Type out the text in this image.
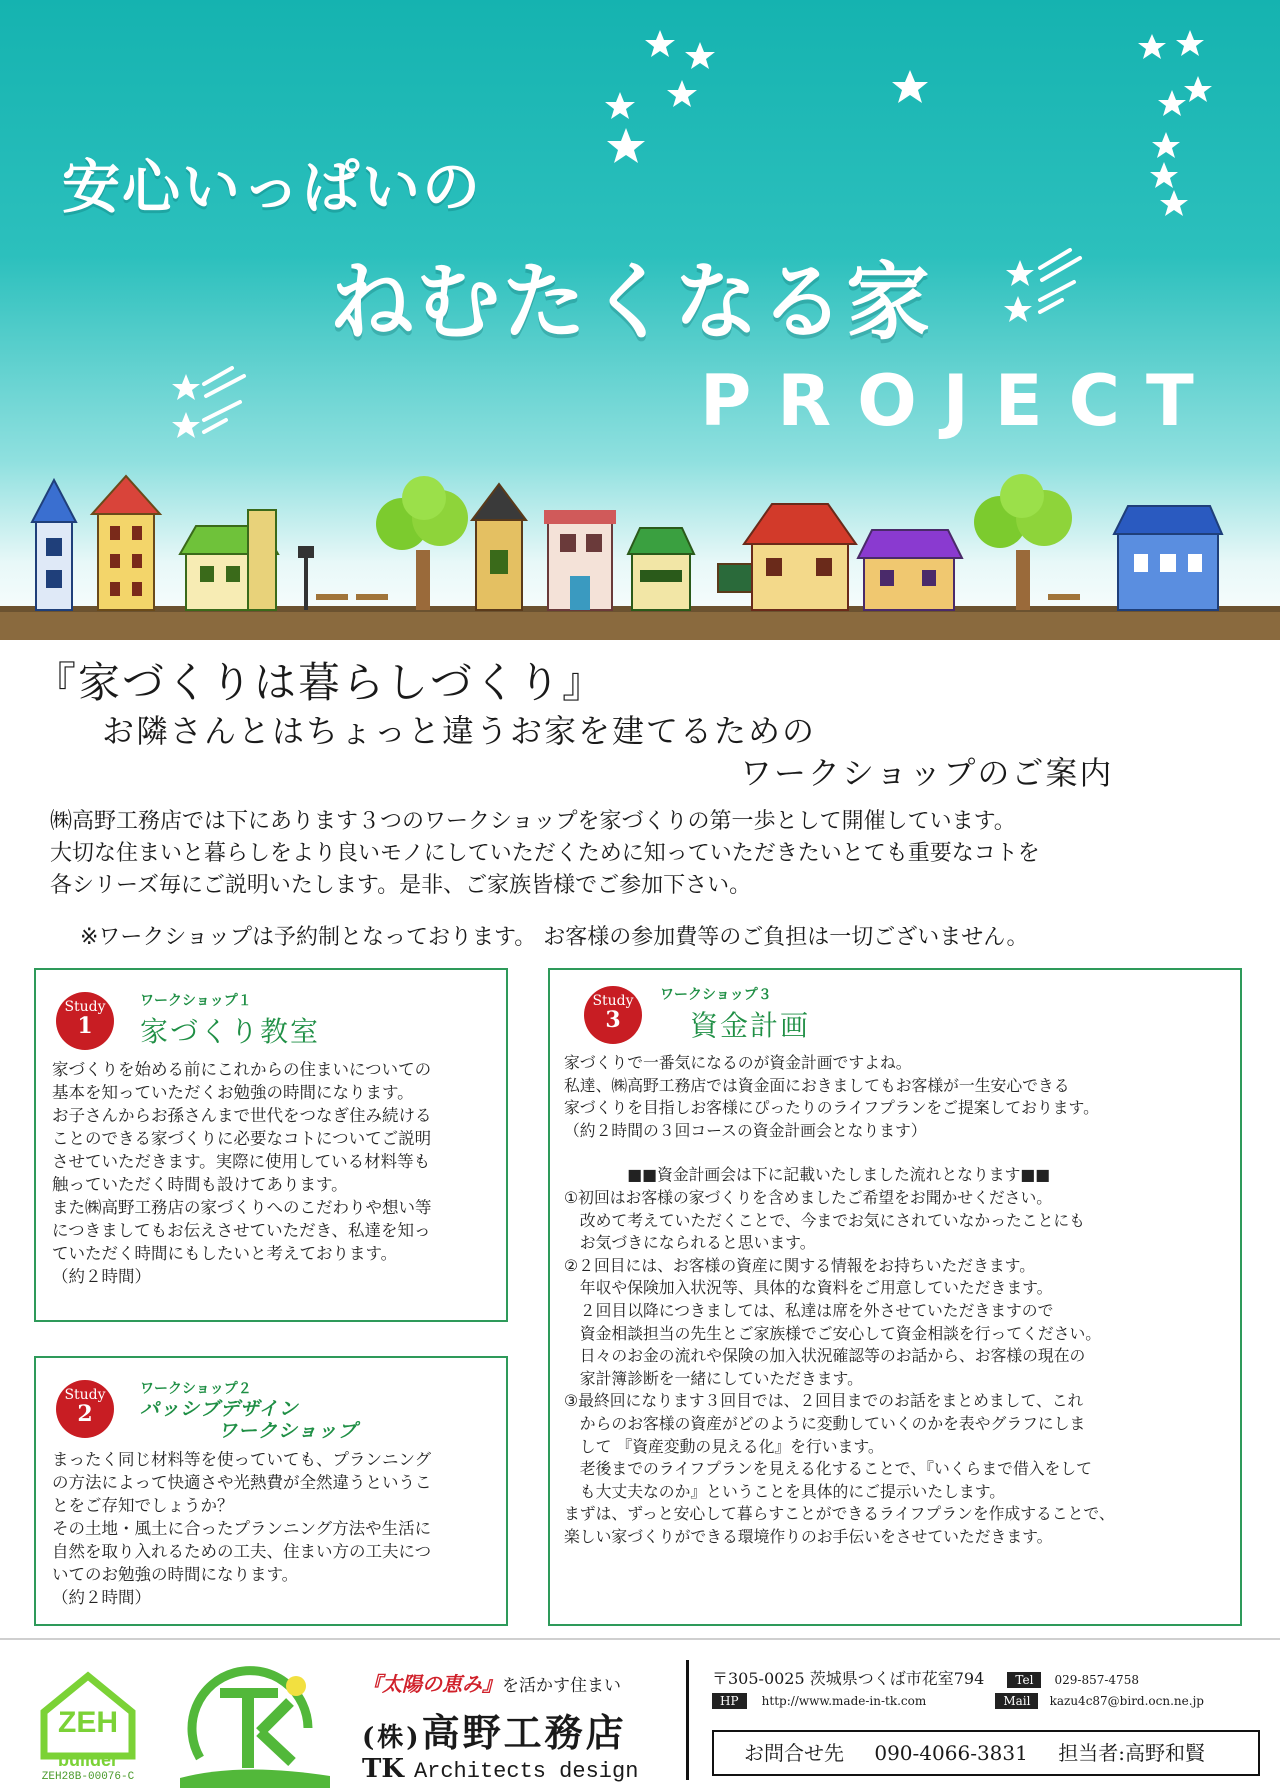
安心いっぱいの
ねむたくなる家
PROJECT
『家づくりは暮らしづくり』
お隣さんとはちょっと違うお家を建てるための
ワークショップのご案内
㈱高野工務店では下にあります３つのワークショップを家づくりの第一歩として開催しています。
大切な住まいと暮らしをより良いモノにしていただくために知っていただきたいとても重要なコトを
各シリーズ毎にご説明いたします。是非、ご家族皆様でご参加下さい。
※ワークショップは予約制となっております。 お客様の参加費等のご負担は一切ございません。
Study
1
ワークショップ１
家づくり教室
家づくりを始める前にこれからの住まいについての
基本を知っていただくお勉強の時間になります。
お子さんからお孫さんまで世代をつなぎ住み続ける
ことのできる家づくりに必要なコトについてご説明
させていただきます。実際に使用している材料等も
触っていただく時間も設けてあります。
また㈱高野工務店の家づくりへのこだわりや想い等
につきましてもお伝えさせていただき、私達を知っ
ていただく時間にもしたいと考えております。
（約２時間）
Study
2
ワークショップ２
パッシブデザイン
ワークショップ
まったく同じ材料等を使っていても、プランニング
の方法によって快適さや光熱費が全然違うというこ
とをご存知でしょうか？
その土地・風土に合ったプランニング方法や生活に
自然を取り入れるための工夫、住まい方の工夫につ
いてのお勉強の時間になります。
（約２時間）
Study
3
ワークショップ３
資金計画
家づくりで一番気になるのが資金計画ですよね。
私達、㈱高野工務店では資金面におきましてもお客様が一生安心できる
家づくりを目指しお客様にぴったりのライフプランをご提案しております。
（約２時間の３回コースの資金計画会となります）
　　　　■■資金計画会は下に記載いたしました流れとなります■■
①初回はお客様の家づくりを含めましたご希望をお聞かせください。
　改めて考えていただくことで、今までお気にされていなかったことにも
　お気づきになられると思います。
②２回目には、お客様の資産に関する情報をお持ちいただきます。
　年収や保険加入状況等、具体的な資料をご用意していただきます。
　２回目以降につきましては、私達は席を外させていただきますので
　資金相談担当の先生とご家族様でご安心して資金相談を行ってください。
　日々のお金の流れや保険の加入状況確認等のお話から、お客様の現在の
　家計簿診断を一緒にしていただきます。
③最終回になります３回目では、２回目までのお話をまとめまして、これ
　からのお客様の資産がどのように変動していくのかを表やグラフにしま
　して 『資産変動の見える化』を行います。
　老後までのライフプランを見える化することで、『いくらまで借入をして
　も大丈夫なのか』ということを具体的にご提示いたします。
まずは、ずっと安心して暮らすことができるライフプランを作成することで、
楽しい家づくりができる環境作りのお手伝いをさせていただきます。
ZEH
builder
ZEH28B-00076-C
『太陽の恵み』を活かす住まい
(株)高野工務店
TK Architects design
〒305-0025 茨城県つくば市花室794	Tel 029-857-4758
HP http://www.made-in-tk.com	Mail kazu4c87@bird.ocn.ne.jp
お問合せ先 090-4066-3831 担当者:高野和賢
